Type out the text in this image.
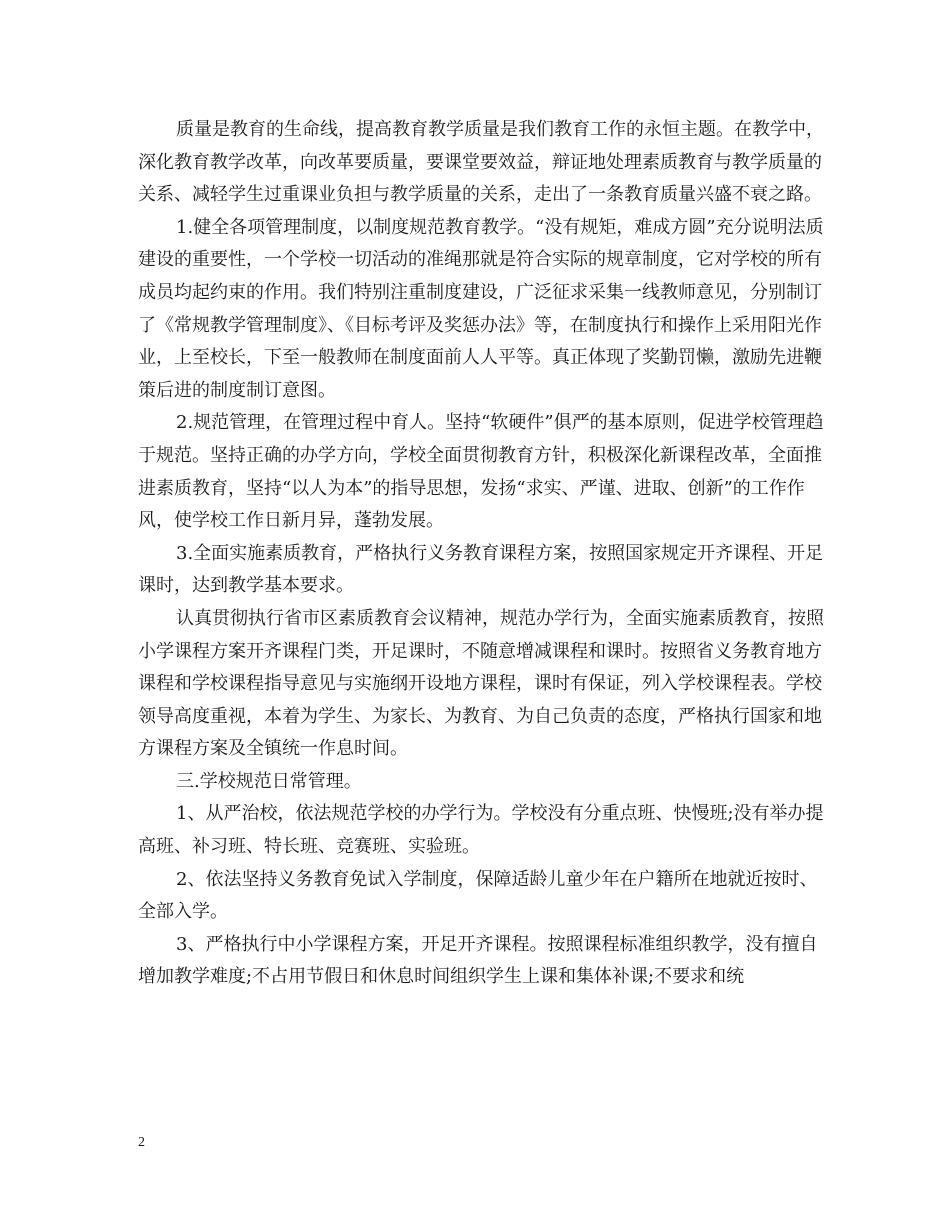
质量是教育的生命线，提高教育教学质量是我们教育工作的永恒主题。在教学中，深化教育教学改革，向改革要质量，要课堂要效益，辩证地处理素质教育与教学质量的关系、减轻学生过重课业负担与教学质量的关系，走出了一条教育质量兴盛不衰之路。

1.健全各项管理制度，以制度规范教育教学。“没有规矩，难成方圆”充分说明法质建设的重要性，一个学校一切活动的准绳那就是符合实际的规章制度，它对学校的所有成员均起约束的作用。我们特别注重制度建设，广泛征求采集一线教师意见，分别制订了《常规教学管理制度》、《目标考评及奖惩办法》等，在制度执行和操作上采用阳光作业，上至校长，下至一般教师在制度面前人人平等。真正体现了奖勤罚懒，激励先进鞭策后进的制度制订意图。

2.规范管理，在管理过程中育人。坚持“软硬件”俱严的基本原则，促进学校管理趋于规范。坚持正确的办学方向，学校全面贯彻教育方针，积极深化新课程改革，全面推进素质教育，坚持“以人为本”的指导思想，发扬“求实、严谨、进取、创新”的工作作风，使学校工作日新月异，蓬勃发展。

3.全面实施素质教育，严格执行义务教育课程方案，按照国家规定开齐课程、开足课时，达到教学基本要求。

认真贯彻执行省市区素质教育会议精神，规范办学行为，全面实施素质教育，按照小学课程方案开齐课程门类，开足课时，不随意增减课程和课时。按照省义务教育地方课程和学校课程指导意见与实施纲开设地方课程，课时有保证，列入学校课程表。学校领导高度重视，本着为学生、为家长、为教育、为自己负责的态度，严格执行国家和地方课程方案及全镇统一作息时间。

三.学校规范日常管理。

1、从严治校，依法规范学校的办学行为。学校没有分重点班、快慢班;没有举办提高班、补习班、特长班、竞赛班、实验班。

2、依法坚持义务教育免试入学制度，保障适龄儿童少年在户籍所在地就近按时、全部入学。

3、严格执行中小学课程方案，开足开齐课程。按照课程标准组织教学，没有擅自增加教学难度;不占用节假日和休息时间组织学生上课和集体补课;不要求和统

2
